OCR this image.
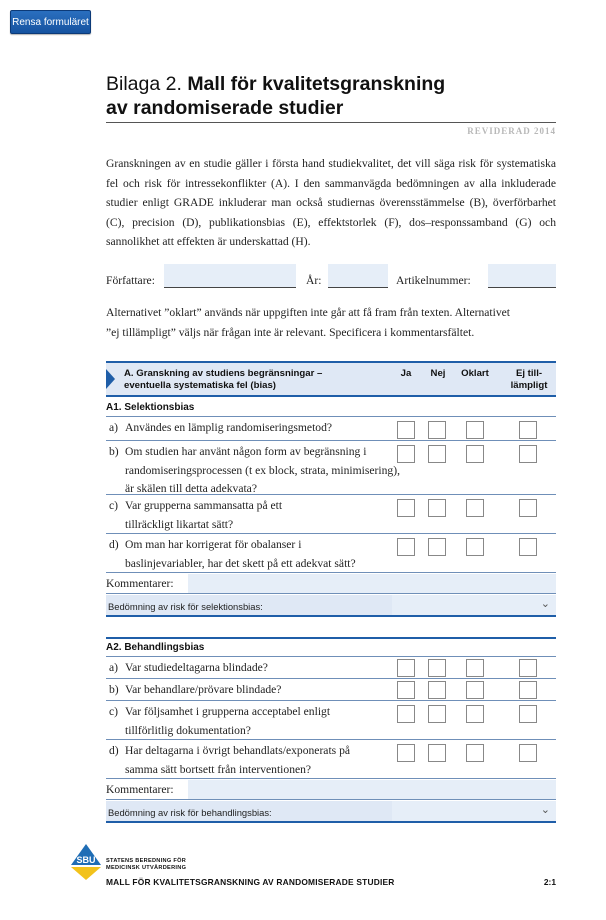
Rensa formuläret
Bilaga 2. Mall för kvalitetsgranskning
av randomiserade studier
REVIDERAD 2014

Granskningen av en studie gäller i första hand studiekvalitet, det vill säga risk för systematiska fel och risk för intressekonflikter (A). I den sammanvägda bedömningen av alla inkluderade studier enligt GRADE inkluderar man också studiernas överensstämmelse (B), överförbarhet (C), precision (D), publikationsbias (E), effektstorlek (F), dos–responssamband (G) och sannolikhet att effekten är underskattad (H).

Författare:	År:	Artikelnummer:
Alternativet ”oklart” används när uppgiften inte går att få fram från texten. Alternativet
”ej tillämpligt” väljs när frågan inte är relevant. Specificera i kommentarsfältet.
A. Granskning av studiens begränsningar –
eventuella systematiska fel (bias)
Ja	Nej	Oklart	Ej till-
lämpligt
A1. Selektionsbias
a) Användes en lämplig randomiseringsmetod?
b) Om studien har använt någon form av begränsning i randomiseringsprocessen (t ex block, strata, minimisering), är skälen till detta adekvata?
c) Var grupperna sammansatta på ett tillräckligt likartat sätt?
d) Om man har korrigerat för obalanser i baslinjevariabler, har det skett på ett adekvat sätt?
Kommentarer:
Bedömning av risk för selektionsbias:	⌄
A2. Behandlingsbias
a) Var studiedeltagarna blindade?
b) Var behandlare/prövare blindade?
c) Var följsamhet i grupperna acceptabel enligt tillförlitlig dokumentation?
d) Har deltagarna i övrigt behandlats/exponerats på samma sätt bortsett från interventionen?
Kommentarer:
Bedömning av risk för behandlingsbias:	⌄
SBU STATENS BEREDNING FÖR
MEDICINSK UTVÄRDERING
MALL FÖR KVALITETSGRANSKNING AV RANDOMISERADE STUDIER	2:1
